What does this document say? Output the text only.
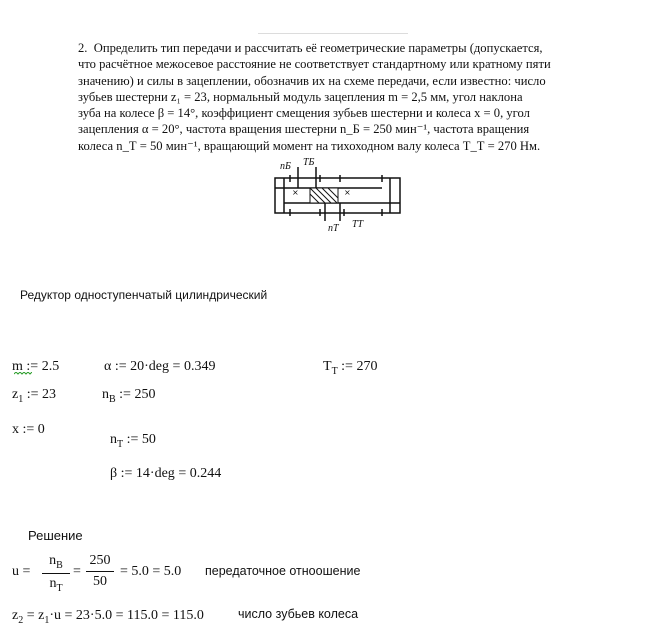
2.  Определить тип передачи и рассчитать её геометрические параметры (допускается,

что расчётное межосевое расстояние не соответствует стандартному или кратному пяти

значению) и силы в зацеплении, обозначив их на схеме передачи, если известно: число

зубьев шестерни z₁ = 23, нормальный модуль зацепления m = 2,5 мм, угол наклона

зуба на колесе β = 14°, коэффициент смещения зубьев шестерни и колеса x = 0, угол

зацепления α = 20°, частота вращения шестерни n_Б = 250 мин⁻¹, частота вращения

колеса n_Т = 50 мин⁻¹, вращающий момент на тихоходном валу колеса T_Т = 270 Нм.

×	×
nБ TБ
nТ TТ
Редуктор одноступенчатый цилиндрический
m := 2.5	α := 20·deg = 0.349	$T_T$ := 270
$z_1$ := 23	$n_B$ := 250
x := 0
$n_T$ := 50
β := 14·deg = 0.244
Решение
u =
$n_B$
$n_T$
=
250
50
= 5.0 = 5.0 передаточное отноошение
$z_2 = z_1\cdot u = 23\cdot 5.0 = 115.0 = 115.0$	число зубьев колеса
